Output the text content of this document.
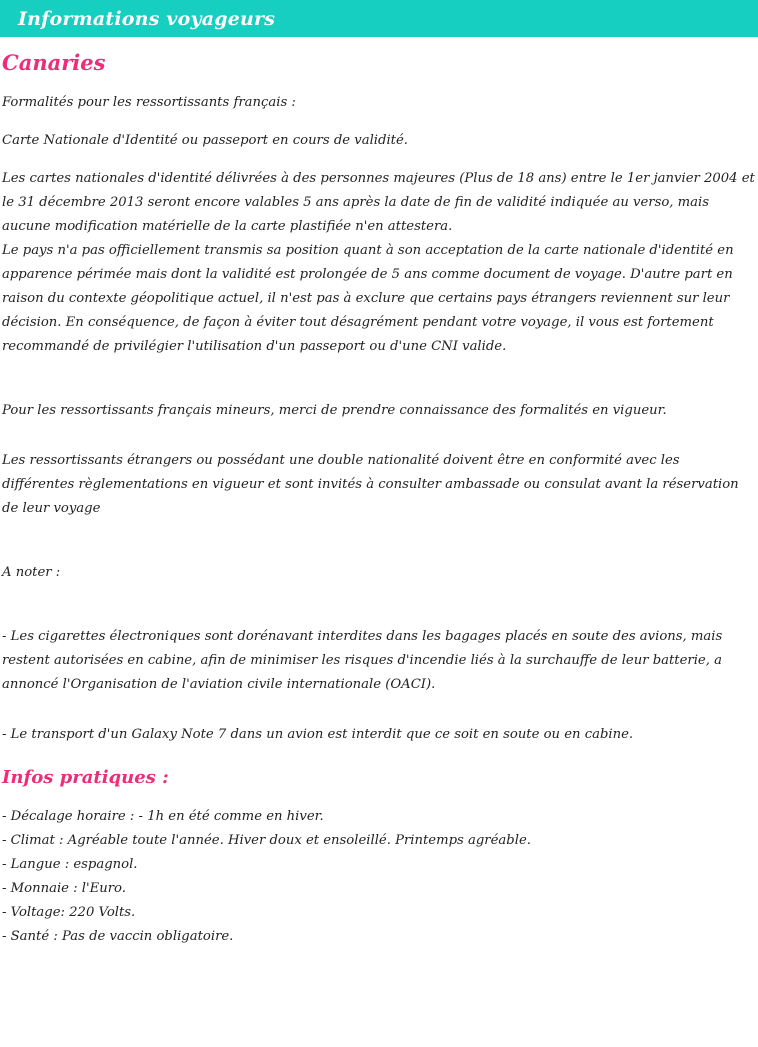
Informations voyageurs
Canaries

Formalités pour les ressortissants français :

Carte Nationale d'Identité ou passeport en cours de validité.

Les cartes nationales d'identité délivrées à des personnes majeures (Plus de 18 ans) entre le 1er janvier 2004 et le 31 décembre 2013 seront encore valables 5 ans après la date de fin de validité indiquée au verso, mais aucune modification matérielle de la carte plastifiée n'en attestera.

Le pays n'a pas officiellement transmis sa position quant à son acceptation de la carte nationale d'identité en apparence périmée mais dont la validité est prolongée de 5 ans comme document de voyage. D'autre part en raison du contexte géopolitique actuel, il n'est pas à exclure que certains pays étrangers reviennent sur leur décision. En conséquence, de façon à éviter tout désagrément pendant votre voyage, il vous est fortement recommandé de privilégier l'utilisation d'un passeport ou d'une CNI valide.

Pour les ressortissants français mineurs, merci de prendre connaissance des formalités en vigueur.

Les ressortissants étrangers ou possédant une double nationalité doivent être en conformité avec les différentes règlementations en vigueur et sont invités à consulter ambassade ou consulat avant la réservation de leur voyage

A noter :

- Les cigarettes électroniques sont dorénavant interdites dans les bagages placés en soute des avions, mais restent autorisées en cabine, afin de minimiser les risques d'incendie liés à la surchauffe de leur batterie, a annoncé l'Organisation de l'aviation civile internationale (OACI).

- Le transport d'un Galaxy Note 7 dans un avion est interdit que ce soit en soute ou en cabine.

Infos pratiques :

- Décalage horaire : - 1h en été comme en hiver.

- Climat : Agréable toute l'année. Hiver doux et ensoleillé. Printemps agréable.

- Langue : espagnol.

- Monnaie : l'Euro.

- Voltage: 220 Volts.

- Santé : Pas de vaccin obligatoire.
